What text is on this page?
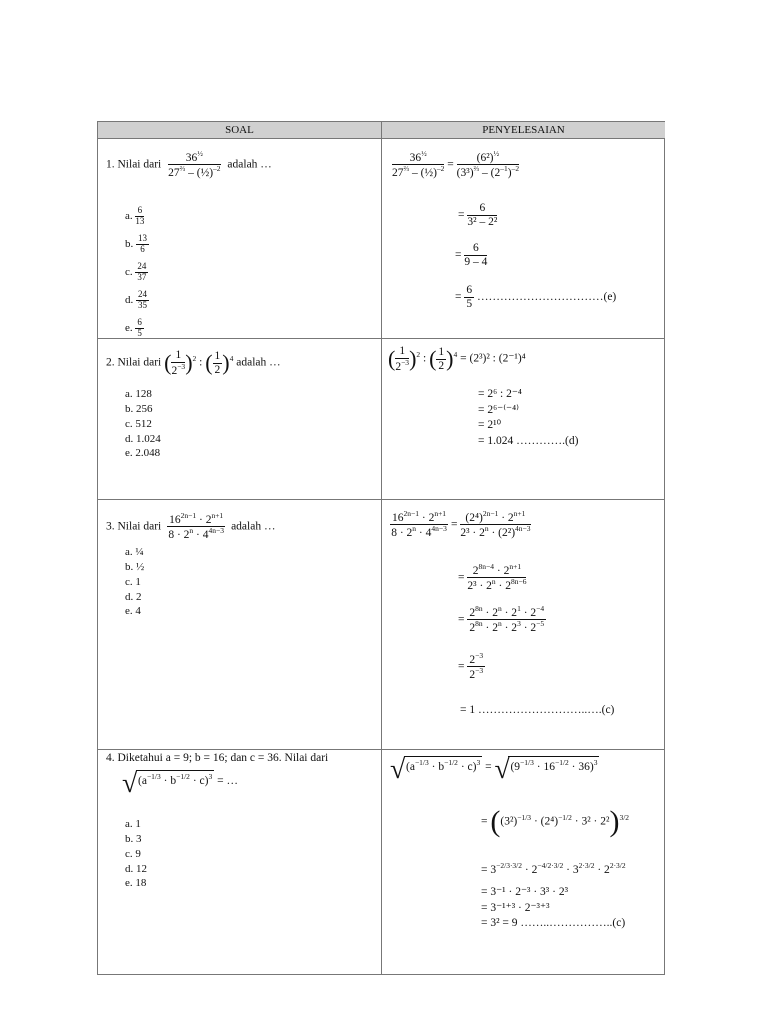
SOAL	PENYELESAIAN
1. Nilai dari $\frac{36^{\frac{1}{2}}}{27^{\frac{2}{3}} - (\frac{1}{2})^{-2}}$ adalah …
a. $\frac{6}{13}$
b. $\frac{13}{6}$
c. $\frac{24}{37}$
d. $\frac{24}{35}$
e. $\frac{6}{5}$
$\frac{36^{\frac{1}{2}}}{27^{\frac{2}{3}} - (\frac{1}{2})^{-2}} = \frac{(6^2)^{\frac{1}{2}}}{(3^3)^{\frac{2}{3}} - (2^{-1})^{-2}}$
= $\frac{6}{\text{3² – 2²}}$
= $\frac{6}{9 - 4}$
= $\frac{6}{5}$ ……………………………(e)
2. Nilai dari ( $\frac{1}{2^{-3}} )^2$ : ( $\frac{1}{2} )^4$ adalah …
a. 128
b. 256
c. 512
d. 1.024
e. 2.048
( $\frac{1}{2^{-3}} )^2$ : ( $\frac{1}{2} )^4 = (2^3)^2$ : (2⁻¹)⁴
= 2⁶ : 2⁻⁴
= 2⁶⁻⁽⁻⁴⁾
= 2¹⁰
= 1.024 ………….(d)
3. Nilai dari $\frac{16^{2n-1} \cdot 2^{n+1}}{8 \cdot 2^n \cdot 4^{4n-3}}$ adalah …
a. ¼
b. ½
c. 1
d. 2
e. 4
$\frac{16^{2n-1} \cdot 2^{n+1}}{8 \cdot 2^n \cdot 4^{4n-3}} = \frac{(2^4)^{2n-1} \cdot 2^{n+1}}{2^3 \cdot 2^n \cdot (2^2)^{4n-3}}$
= $\frac{2^{8n-4} \cdot 2^{n+1}}{2^3 \cdot 2^n \cdot 2^{8n-6}}$
= $\frac{2^{8n} \cdot 2^n \cdot 2^1 \cdot 2^{-4}}{2^{8n} \cdot 2^n \cdot 2^3 \cdot 2^{-5}}$
= $\frac{2^{-3}}{2^{-3}}$
= 1 ………………………..….(c)
4. Diketahui a = 9; b = 16; dan c = 36. Nilai dari
√ $(a^{-1/3} \cdot b^{-1/2} \cdot c)^3$ = …
a. 1
b. 3
c. 9
d. 12
e. 18
√ $(a^{-1/3} \cdot b^{-1/2} \cdot c)^3$ = √ $(9^{-1/3} \cdot 16^{-1/2} \cdot 36)^3$
= $((3^2)^{-1/3} \cdot (2^4)^{-1/2} \cdot 3^2 \cdot 2^2)^{3/2}$
= $3^{-2/3\cdot 3/2} \cdot 2^{-4/2\cdot 3/2} \cdot 3^{2\cdot 3/2} \cdot 2^{2\cdot 3/2}$
= 3⁻¹ · 2⁻³ · 3³ · 2³
= 3⁻¹⁺³ · 2⁻³⁺³
= 3² = 9 ……..……………..(c)
